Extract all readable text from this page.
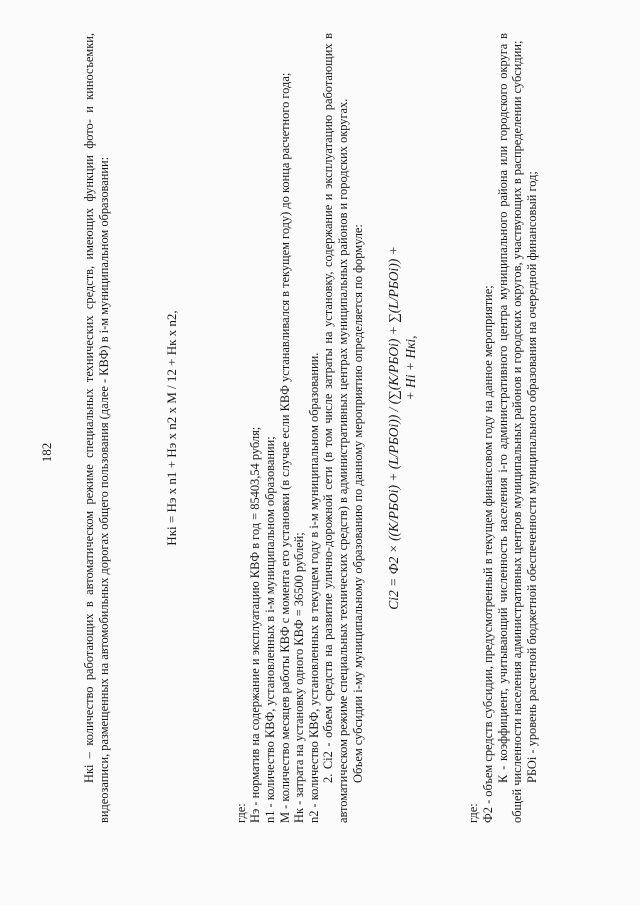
182 Нкi – количество работающих в автоматическом режиме специальных технических средств, имеющих функции фото- и киносъемки, видеозаписи, размещенных на автомобильных дорогах общего пользования (далее - КВФ) в i-м муниципальном образовании:	Нкi = Нэ х n1 + Нэ х n2 х М / 12 + Нк х n2,

где: Нэ - норматив на содержание и эксплуатацию КВФ в год = 85403,54 рубля; n1 - количество КВФ, установленных в i-м муниципальном образовании; М - количество месяцев работы КВФ с момента его установки (в случае если КВФ устанавливался в текущем году) до конца расчетного года; Нк - затрата на установку одного КВФ = 36500 рублей; n2 - количество КВФ, установленных в текущем году в i-м муниципальном образовании. 2. Сi2 - объем средств на развитие улично-дорожной сети (в том числе затраты на установку, содержание и эксплуатацию работающих в автоматическом режиме специальных технических средств) в административных центрах муниципальных районов и городских округах. Объем субсидии i-му муниципальному образованию по данному мероприятию определяется по формуле: Сi2 = Ф2 × ((К/РБОi) + (L/РБОi)) / (∑(К/РБОi) + ∑(L/РБОi)) + + Нi + Нкi,

где: Ф2 - объем средств субсидии, предусмотренный в текущем финансовом году на данное мероприятие; К - коэффициент, учитывающий численность населения i-го административного центра муниципального района или городского округа в общей численности населения административных центров муниципальных районов и городских округов, участвующих в распределении субсидии; РБОi - уровень расчетной бюджетной обеспеченности муниципального образования на очередной финансовый год;
